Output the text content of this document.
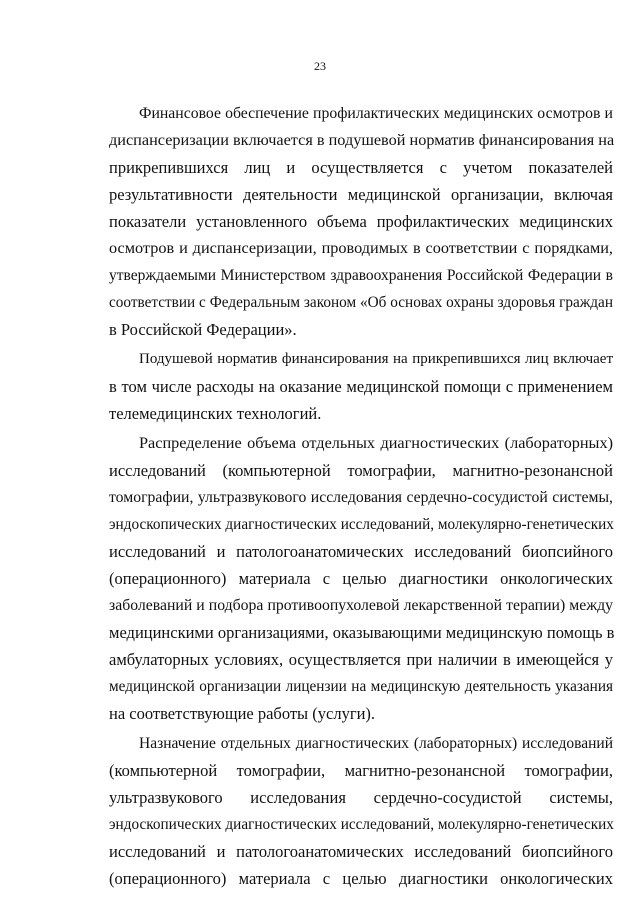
23
Финансовое обеспечение профилактических медицинских осмотров и
диспансеризации включается в подушевой норматив финансирования на
прикрепившихся лиц и осуществляется с учетом показателей
результативности деятельности медицинской организации, включая
показатели установленного объема профилактических медицинских
осмотров и диспансеризации, проводимых в соответствии с порядками,
утверждаемыми Министерством здравоохранения Российской Федерации в
соответствии с Федеральным законом «Об основах охраны здоровья граждан
в Российской Федерации».
Подушевой норматив финансирования на прикрепившихся лиц включает
в том числе расходы на оказание медицинской помощи с применением
телемедицинских технологий.
Распределение объема отдельных диагностических (лабораторных)
исследований (компьютерной томографии, магнитно-резонансной
томографии, ультразвукового исследования сердечно-сосудистой системы,
эндоскопических диагностических исследований, молекулярно-генетических
исследований и патологоанатомических исследований биопсийного
(операционного) материала с целью диагностики онкологических
заболеваний и подбора противоопухолевой лекарственной терапии) между
медицинскими организациями, оказывающими медицинскую помощь в
амбулаторных условиях, осуществляется при наличии в имеющейся у
медицинской организации лицензии на медицинскую деятельность указания
на соответствующие работы (услуги).
Назначение отдельных диагностических (лабораторных) исследований
(компьютерной томографии, магнитно-резонансной томографии,
ультразвукового исследования сердечно-сосудистой системы,
эндоскопических диагностических исследований, молекулярно-генетических
исследований и патологоанатомических исследований биопсийного
(операционного) материала с целью диагностики онкологических
